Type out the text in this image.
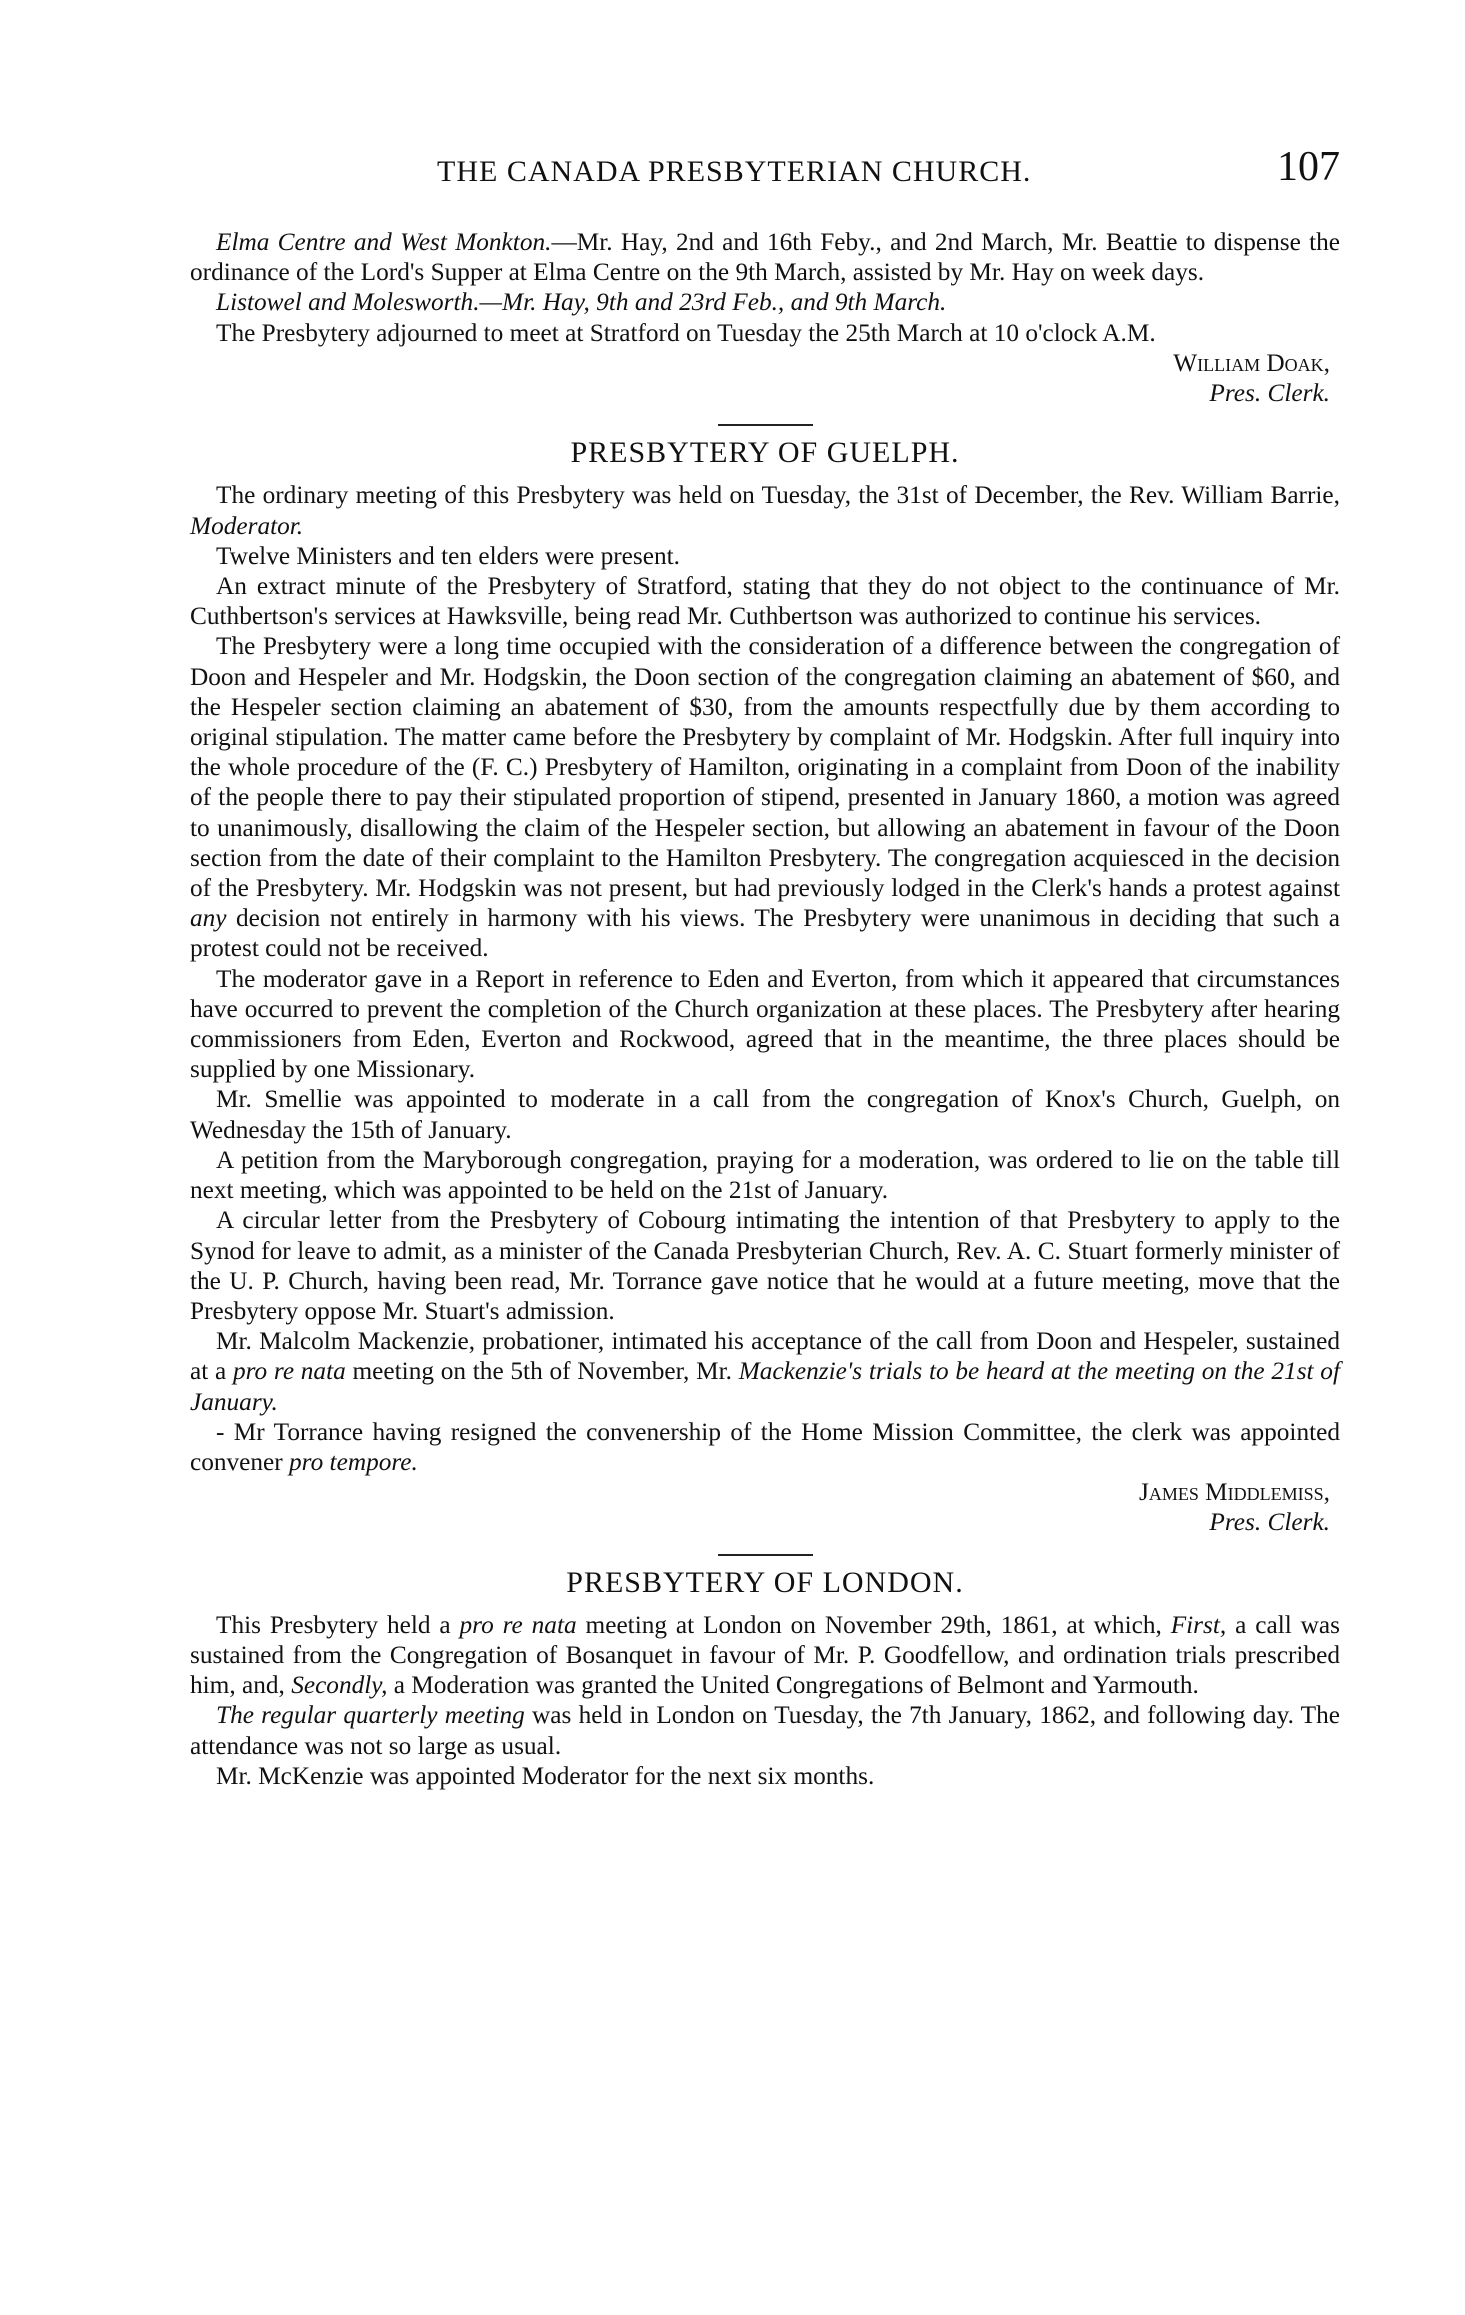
THE CANADA PRESBYTERIAN CHURCH.	107

Elma Centre and West Monkton.—Mr. Hay, 2nd and 16th Feby., and 2nd March, Mr. Beattie to dispense the ordinance of the Lord's Supper at Elma Centre on the 9th March, assisted by Mr. Hay on week days.

Listowel and Molesworth.—Mr. Hay, 9th and 23rd Feb., and 9th March.

The Presbytery adjourned to meet at Stratford on Tuesday the 25th March at 10 o'clock A.M.

William Doak,

Pres. Clerk.

PRESBYTERY OF GUELPH.

The ordinary meeting of this Presbytery was held on Tuesday, the 31st of December, the Rev. William Barrie, Moderator.

Twelve Ministers and ten elders were present.

An extract minute of the Presbytery of Stratford, stating that they do not object to the continuance of Mr. Cuthbertson's services at Hawksville, being read Mr. Cuthbertson was authorized to continue his services.

The Presbytery were a long time occupied with the consideration of a difference between the congregation of Doon and Hespeler and Mr. Hodgskin, the Doon section of the congregation claiming an abatement of $60, and the Hespeler section claiming an abatement of $30, from the amounts respectfully due by them according to original stipulation. The matter came before the Presbytery by complaint of Mr. Hodgskin. After full inquiry into the whole procedure of the (F. C.) Presbytery of Hamilton, originating in a complaint from Doon of the inability of the people there to pay their stipulated proportion of stipend, presented in January 1860, a motion was agreed to unanimously, disallowing the claim of the Hespeler section, but allowing an abatement in favour of the Doon section from the date of their complaint to the Hamilton Presbytery. The congregation acquiesced in the decision of the Presbytery. Mr. Hodgskin was not present, but had previously lodged in the Clerk's hands a protest against any decision not entirely in harmony with his views. The Presbytery were unanimous in deciding that such a protest could not be received.

The moderator gave in a Report in reference to Eden and Everton, from which it appeared that circumstances have occurred to prevent the completion of the Church organization at these places. The Presbytery after hearing commissioners from Eden, Everton and Rockwood, agreed that in the meantime, the three places should be supplied by one Missionary.

Mr. Smellie was appointed to moderate in a call from the congregation of Knox's Church, Guelph, on Wednesday the 15th of January.

A petition from the Maryborough congregation, praying for a moderation, was ordered to lie on the table till next meeting, which was appointed to be held on the 21st of January.

A circular letter from the Presbytery of Cobourg intimating the intention of that Presbytery to apply to the Synod for leave to admit, as a minister of the Canada Presbyterian Church, Rev. A. C. Stuart formerly minister of the U. P. Church, having been read, Mr. Torrance gave notice that he would at a future meeting, move that the Presbytery oppose Mr. Stuart's admission.

Mr. Malcolm Mackenzie, probationer, intimated his acceptance of the call from Doon and Hespeler, sustained at a pro re nata meeting on the 5th of November, Mr. Mackenzie's trials to be heard at the meeting on the 21st of January.

- Mr Torrance having resigned the convenership of the Home Mission Committee, the clerk was appointed convener pro tempore.

James Middlemiss,

Pres. Clerk.

PRESBYTERY OF LONDON.

This Presbytery held a pro re nata meeting at London on November 29th, 1861, at which, First, a call was sustained from the Congregation of Bosanquet in favour of Mr. P. Goodfellow, and ordination trials prescribed him, and, Secondly, a Moderation was granted the United Congregations of Belmont and Yarmouth.

The regular quarterly meeting was held in London on Tuesday, the 7th January, 1862, and following day. The attendance was not so large as usual.

Mr. McKenzie was appointed Moderator for the next six months.
